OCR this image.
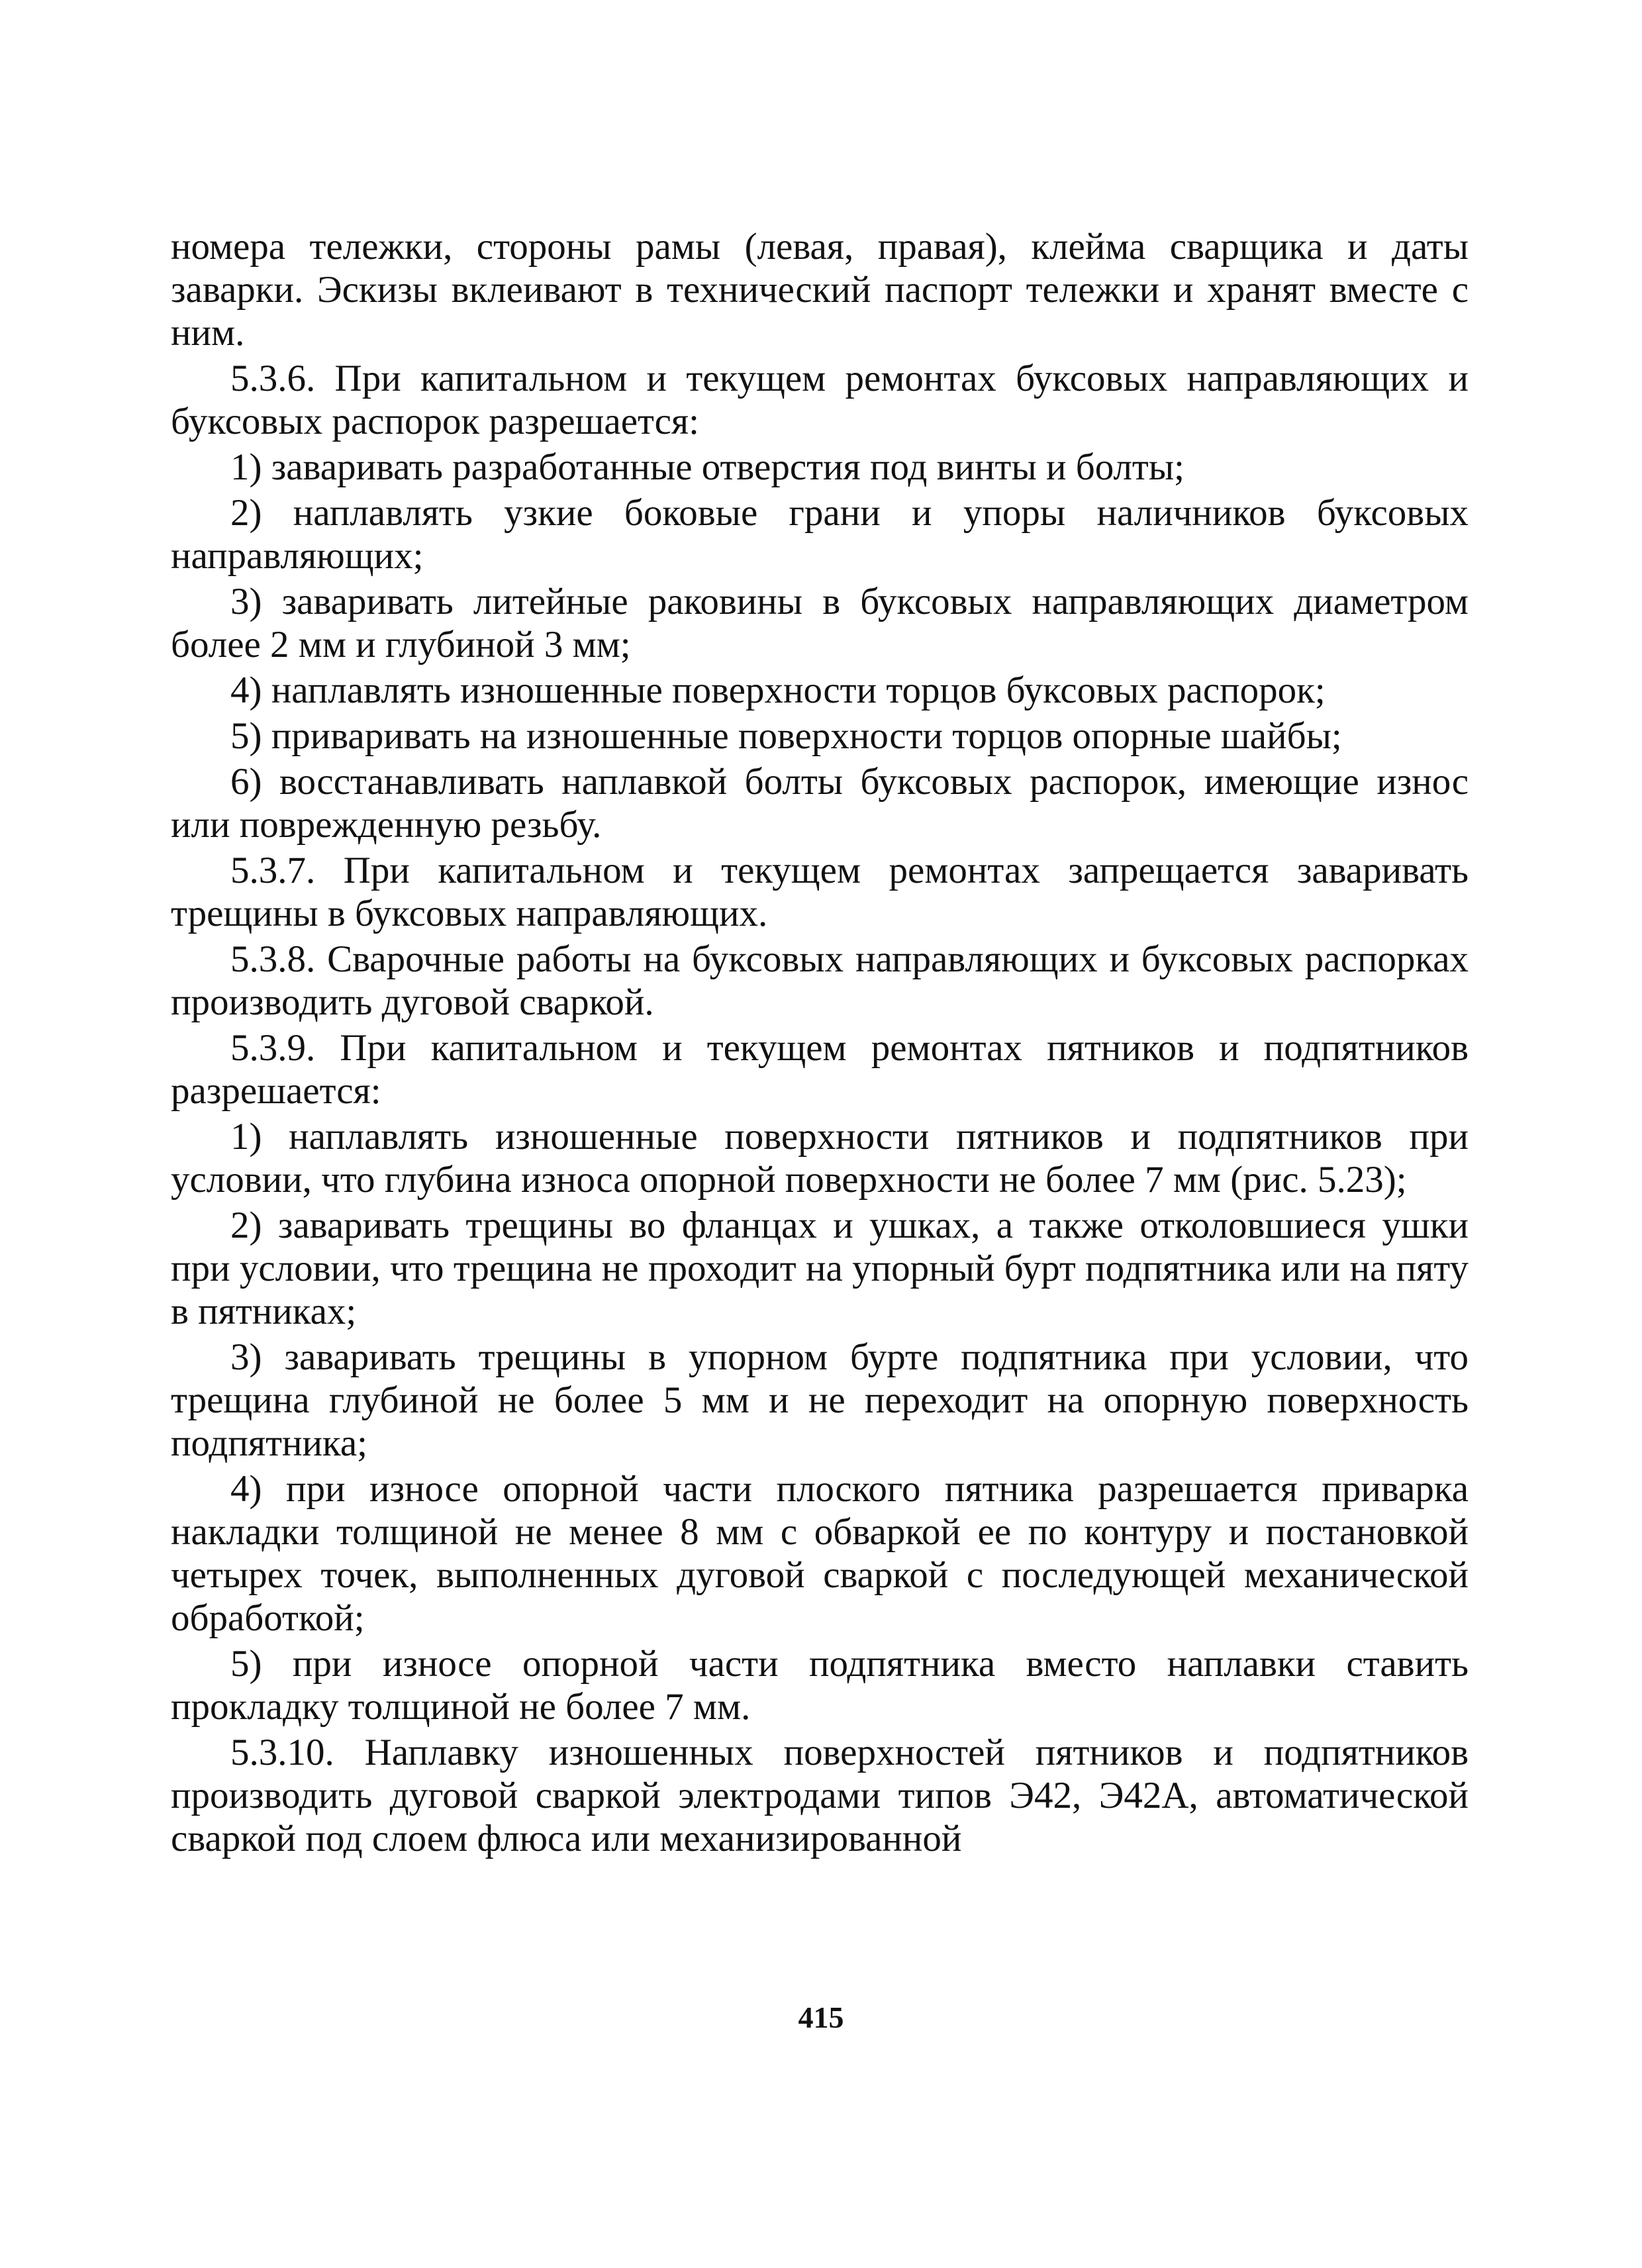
номера тележки, стороны рамы (левая, правая), клейма сварщика и даты заварки. Эскизы вклеивают в технический паспорт тележки и хранят вместе с ним.

5.3.6. При капитальном и текущем ремонтах буксовых направляющих и буксовых распорок разрешается:

1) заваривать разработанные отверстия под винты и болты;

2) наплавлять узкие боковые грани и упоры наличников буксовых направляющих;

3) заваривать литейные раковины в буксовых направляющих диаметром более 2 мм и глубиной 3 мм;

4) наплавлять изношенные поверхности торцов буксовых распорок;

5) приваривать на изношенные поверхности торцов опорные шайбы;

6) восстанавливать наплавкой болты буксовых распорок, имеющие износ или поврежденную резьбу.

5.3.7. При капитальном и текущем ремонтах запрещается заваривать трещины в буксовых направляющих.

5.3.8. Сварочные работы на буксовых направляющих и буксовых распорках производить дуговой сваркой.

5.3.9. При капитальном и текущем ремонтах пятников и подпятников разрешается:

1) наплавлять изношенные поверхности пятников и подпятников при условии, что глубина износа опорной поверхности не более 7 мм (рис. 5.23);

2) заваривать трещины во фланцах и ушках, а также отколовшиеся ушки при условии, что трещина не проходит на упорный бурт подпятника или на пяту в пятниках;

3) заваривать трещины в упорном бурте подпятника при условии, что трещина глубиной не более 5 мм и не переходит на опорную поверхность подпятника;

4) при износе опорной части плоского пятника разрешается приварка накладки толщиной не менее 8 мм с обваркой ее по контуру и постановкой четырех точек, выполненных дуговой сваркой с последующей механической обработкой;

5) при износе опорной части подпятника вместо наплавки ставить прокладку толщиной не более 7 мм.

5.3.10. Наплавку изношенных поверхностей пятников и подпятников производить дуговой сваркой электродами типов Э42, Э42А, автоматической сваркой под слоем флюса или механизированной

415
